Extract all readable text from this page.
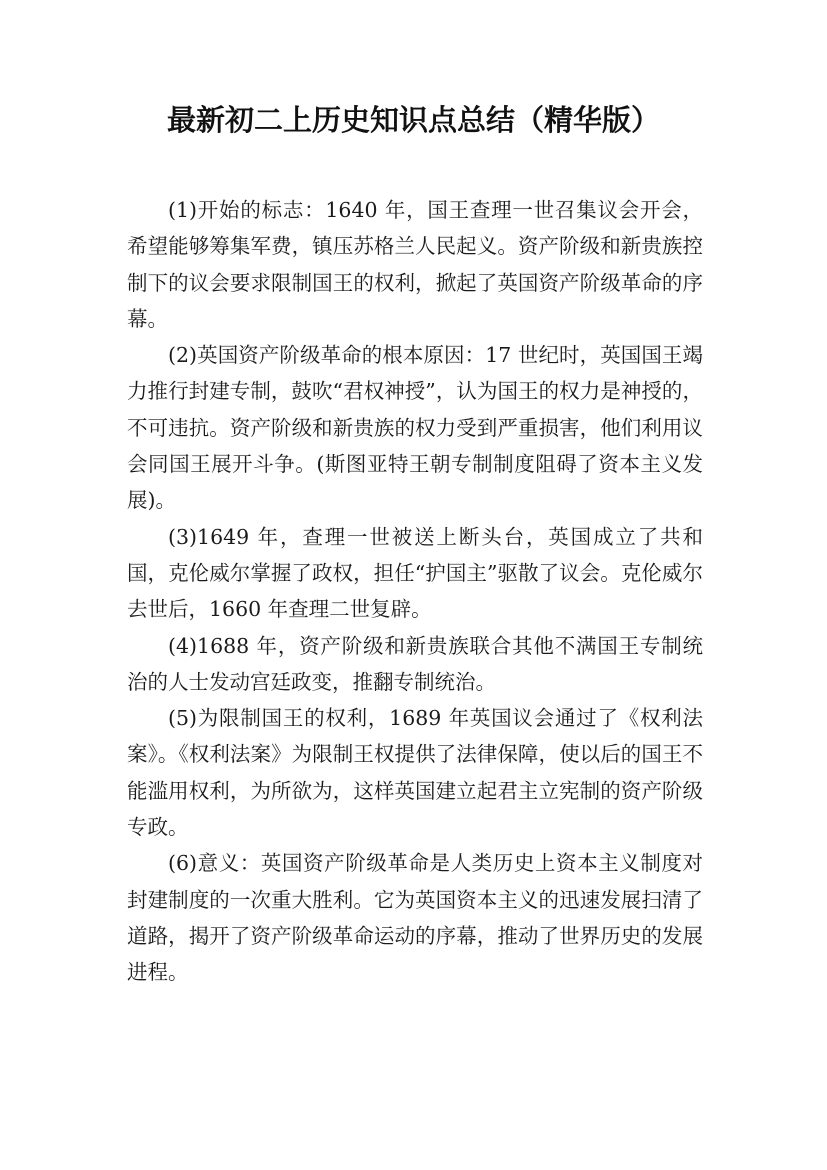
最新初二上历史知识点总结（精华版）

(1)开始的标志：1640 年，国王查理一世召集议会开会，希望能够筹集军费，镇压苏格兰人民起义。资产阶级和新贵族控制下的议会要求限制国王的权利，掀起了英国资产阶级革命的序幕。

(2)英国资产阶级革命的根本原因：17 世纪时，英国国王竭力推行封建专制，鼓吹“君权神授”，认为国王的权力是神授的，不可违抗。资产阶级和新贵族的权力受到严重损害，他们利用议会同国王展开斗争。(斯图亚特王朝专制制度阻碍了资本主义发展)。

(3)1649 年，查理一世被送上断头台，英国成立了共和国，克伦威尔掌握了政权，担任“护国主”驱散了议会。克伦威尔去世后，1660 年查理二世复辟。

(4)1688 年，资产阶级和新贵族联合其他不满国王专制统治的人士发动宫廷政变，推翻专制统治。

(5)为限制国王的权利，1689 年英国议会通过了《权利法案》。《权利法案》为限制王权提供了法律保障，使以后的国王不能滥用权利，为所欲为，这样英国建立起君主立宪制的资产阶级专政。

(6)意义：英国资产阶级革命是人类历史上资本主义制度对封建制度的一次重大胜利。它为英国资本主义的迅速发展扫清了道路，揭开了资产阶级革命运动的序幕，推动了世界历史的发展进程。
